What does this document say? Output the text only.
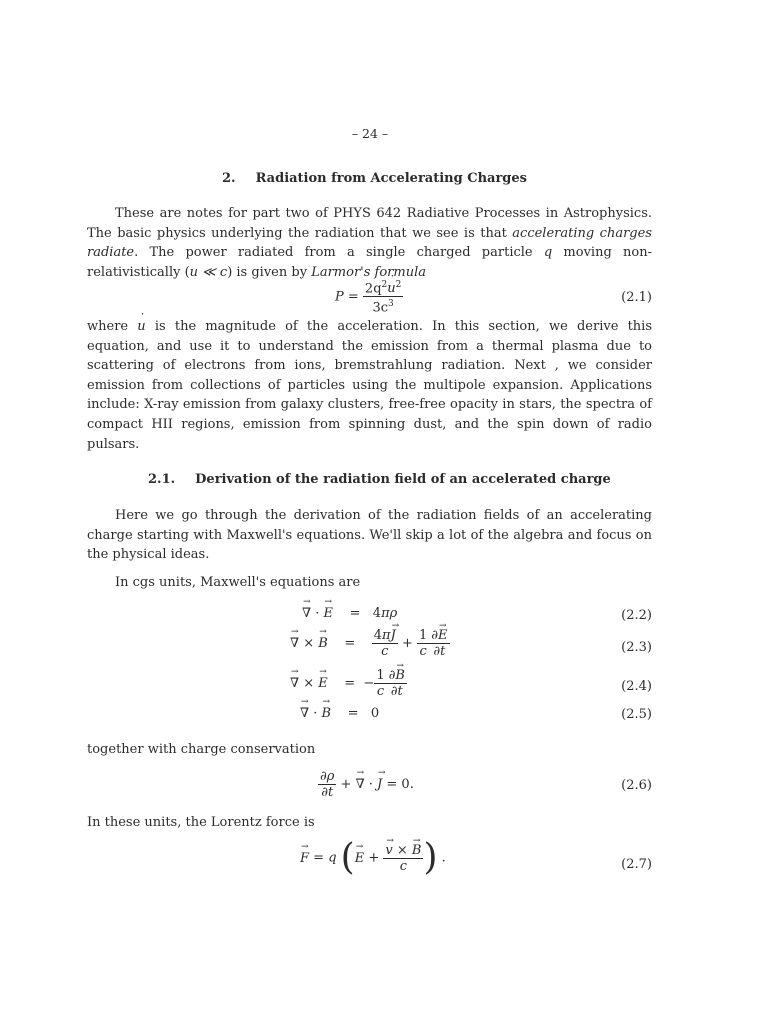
– 24 –
2. Radiation from Accelerating Charges
These are notes for part two of PHYS 642 Radiative Processes in Astrophysics. The basic physics underlying the radiation that we see is that accelerating charges radiate. The power radiated from a single charged particle q moving non-relativistically (u ≪ c) is given by Larmor's formula
$P = \frac{2q^2˙ u^2}{3c^3}$	(2.1)
where ˙ u is the magnitude of the acceleration. In this section, we derive this equation, and use it to understand the emission from a thermal plasma due to scattering of electrons from ions, bremstrahlung radiation. Next , we consider emission from collections of particles using the multipole expansion. Applications include: X-ray emission from galaxy clusters, free-free opacity in stars, the spectra of compact HII regions, emission from spinning dust, and the spin down of radio pulsars.
2.1. Derivation of the radiation field of an accelerated charge
Here we go through the derivation of the radiation fields of an accelerating charge starting with Maxwell's equations. We'll skip a lot of the algebra and focus on the physical ideas.
In cgs units, Maxwell's equations are
→ ∇ · → E    =   4πρ	(2.2)
→ ∇ × → B    = $\frac{4\pi\to J}{c} + \frac{1}{c} \frac{\partial\to E}{\partial t}$	(2.3)
→ ∇ × → E    =  − $\frac{1}{c} \frac{\partial\to B}{\partial t}$	(2.4)
→ ∇ · → B    =   0	(2.5)
together with charge conservation
$\frac{\partial\rho}{\partial t}$ + → ∇ · → J = 0.	(2.6)
In these units, the Lorentz force is
→ F = q (→ E +
→ $\frac{v \times \to B}{c}$ ) .	(2.7)
